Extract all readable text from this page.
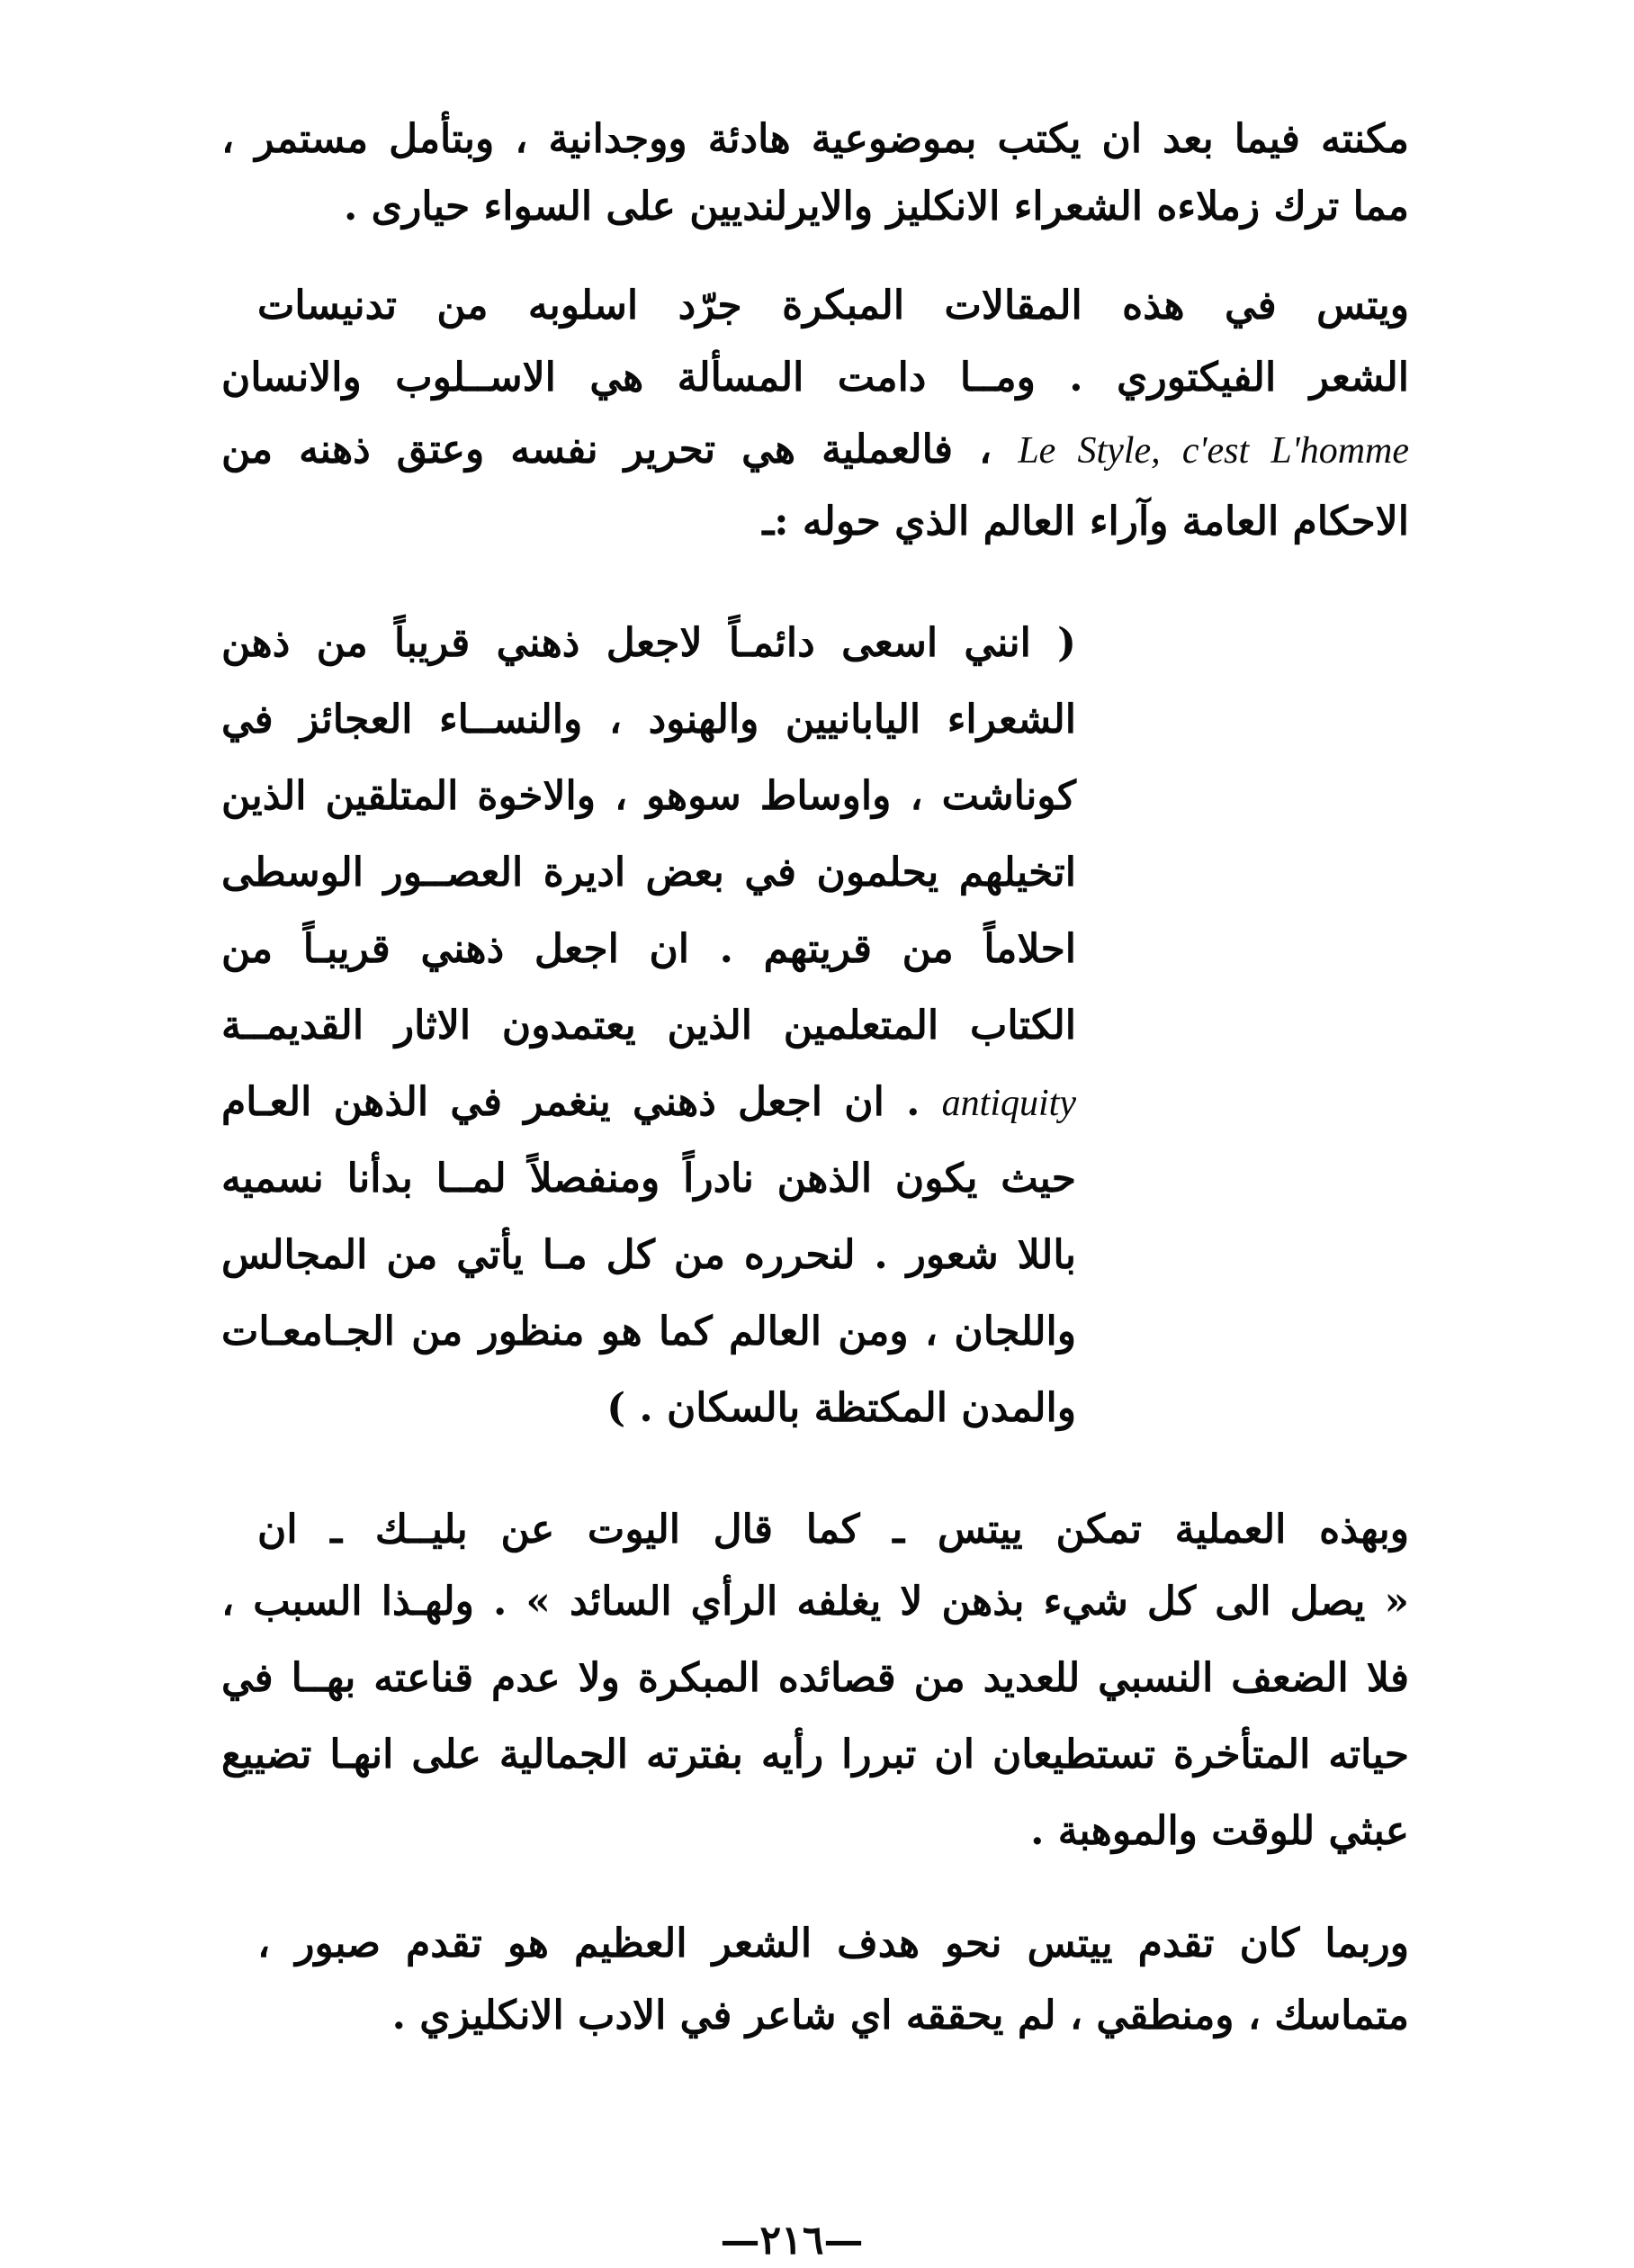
مكنته فيما بعد ان يكتب بموضوعية هادئة ووجدانية ، وبتأمل مستمر ،
مما ترك زملاءه الشعراء الانكليز والايرلنديين على السواء حيارى .
ويتس في هذه المقالات المبكرة جرّد اسلوبه من تدنيسات
الشعر الفيكتوري . ومــا دامت المسألة هي الاســلوب والانسان
Le Style, c'est L'homme ، فالعملية هي تحرير نفسه وعتق ذهنه من
الاحكام العامة وآراء العالم الذي حوله :ـ
( انني اسعى دائمـاً لاجعل ذهني قريباً من ذهن
الشعراء اليابانيين والهنود ، والنســاء العجائز في
كوناشت ، واوساط سوهو ، والاخوة المتلقين الذين
اتخيلهم يحلمون في بعض اديرة العصــور الوسطى
احلاماً من قريتهم . ان اجعل ذهني قريبـاً من
الكتاب المتعلمين الذين يعتمدون الاثار القديمــة
antiquity . ان اجعل ذهني ينغمر في الذهن العـام
حيث يكون الذهن نادراً ومنفصلاً لمــا بدأنا نسميه
باللا شعور . لنحرره من كل مـا يأتي من المجالس
واللجان ، ومن العالم كما هو منظور من الجـامعـات
والمدن المكتظة بالسكان . )
وبهذه العملية تمكن ييتس ـ كما قال اليوت عن بليــك ـ ان
« يصل الى كل شيء بذهن لا يغلفه الرأي السائد » . ولهـذا السبب ،
فلا الضعف النسبي للعديد من قصائده المبكرة ولا عدم قناعته بهــا في
حياته المتأخرة تستطيعان ان تبررا رأيه بفترته الجمالية على انهـا تضييع
عبثي للوقت والموهبة .
وربما كان تقدم ييتس نحو هدف الشعر العظيم هو تقدم صبور ،
متماسك ، ومنطقي ، لم يحققه اي شاعر في الادب الانكليزي .
—٢١٦—
